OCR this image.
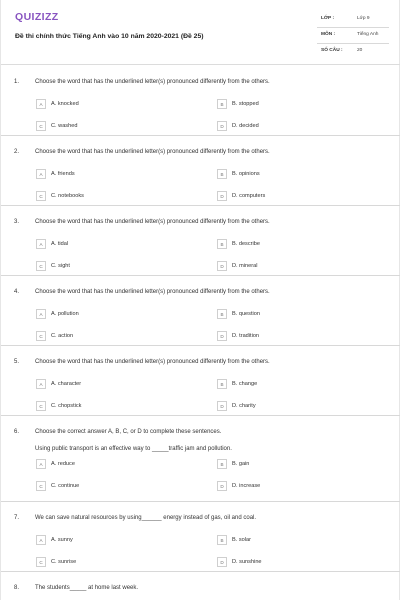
QUIZIZZ
Đề thi chính thức Tiếng Anh vào 10 năm 2020-2021 (Đề 25)
LỚP :	Lớp 9
MÔN :	Tiếng Anh
SỐ CÂU :	20
1.	Choose the word that has the underlined letter(s) pronounced differently from the others.
A	A. knocked	B	B. stopped
C	C. washed	D	D. decided
2.	Choose the word that has the underlined letter(s) pronounced differently from the others.
A	A. friends	B	B. opinions
C	C. notebooks	D	D. computers
3.	Choose the word that has the underlined letter(s) pronounced differently from the others.
A	A. tidal	B	B. describe
C	C. sight	D	D. mineral
4.	Choose the word that has the underlined letter(s) pronounced differently from the others.
A	A. pollution	B	B. question
C	C. action	D	D. tradition
5.	Choose the word that has the underlined letter(s) pronounced differently from the others.
A	A. character	B	B. change
C	C. chopstick	D	D. charity
6.	Choose the correct answer A, B, C, or D to complete these sentences.
Using public transport is an effective way to _____traffic jam and pollution.
A	A. reduce	B	B. gain
C	C. continue	D	D. increase
7.	We can save natural resources by using______ energy instead of gas, oil and coal.
A	A. sunny	B	B. solar
C	C. sunrise	D	D. sunshine
8.	The students_____ at home last week.
